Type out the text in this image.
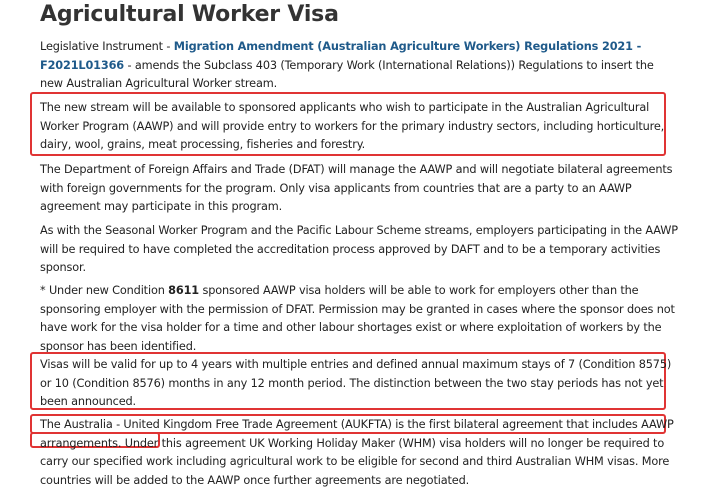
Agricultural Worker Visa

Legislative Instrument - Migration Amendment (Australian Agriculture Workers) Regulations 2021 - F2021L01366 - amends the Subclass 403 (Temporary Work (International Relations)) Regulations to insert the new Australian Agricultural Worker stream.

The new stream will be available to sponsored applicants who wish to participate in the Australian Agricultural Worker Program (AAWP) and will provide entry to workers for the primary industry sectors, including horticulture, dairy, wool, grains, meat processing, fisheries and forestry.

The Department of Foreign Affairs and Trade (DFAT) will manage the AAWP and will negotiate bilateral agreements with foreign governments for the program. Only visa applicants from countries that are a party to an AAWP agreement may participate in this program.

As with the Seasonal Worker Program and the Pacific Labour Scheme streams, employers participating in the AAWP will be required to have completed the accreditation process approved by DAFT and to be a temporary activities sponsor.

* Under new Condition 8611 sponsored AAWP visa holders will be able to work for employers other than the sponsoring employer with the permission of DFAT. Permission may be granted in cases where the sponsor does not have work for the visa holder for a time and other labour shortages exist or where exploitation of workers by the sponsor has been identified.

Visas will be valid for up to 4 years with multiple entries and defined annual maximum stays of 7 (Condition 8575) or 10 (Condition 8576) months in any 12 month period. The distinction between the two stay periods has not yet been announced.

The Australia - United Kingdom Free Trade Agreement (AUKFTA) is the first bilateral agreement that includes AAWP arrangements. Under this agreement UK Working Holiday Maker (WHM) visa holders will no longer be required to carry our specified work including agricultural work to be eligible for second and third Australian WHM visas. More countries will be added to the AAWP once further agreements are negotiated.
